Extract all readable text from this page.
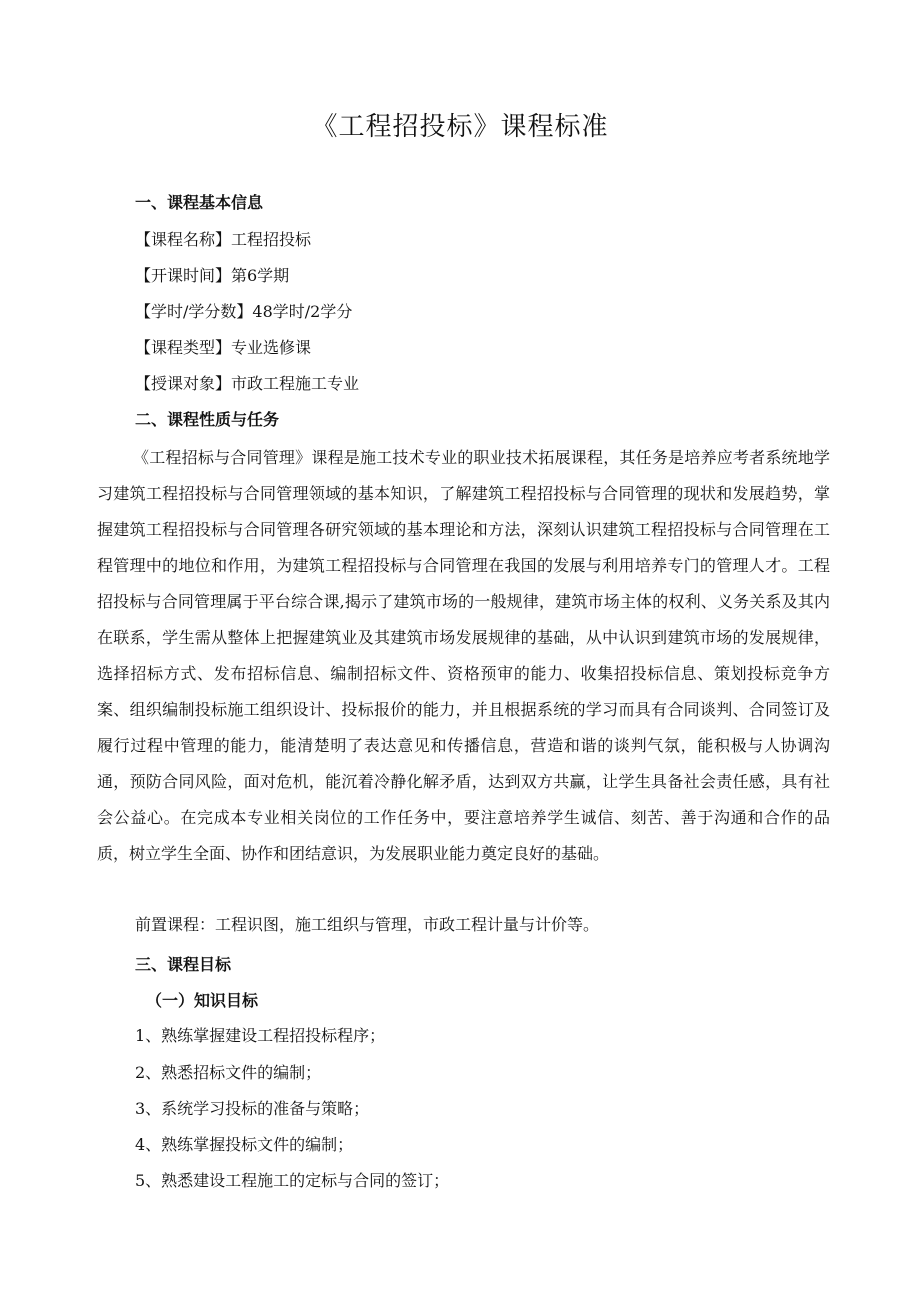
《工程招投标》课程标准
一、课程基本信息
【课程名称】工程招投标
【开课时间】第6学期
【学时/学分数】48学时/2学分
【课程类型】专业选修课
【授课对象】市政工程施工专业
二、课程性质与任务
《工程招标与合同管理》课程是施工技术专业的职业技术拓展课程，其任务是培养应考者系统地学习建筑工程招投标与合同管理领域的基本知识，了解建筑工程招投标与合同管理的现状和发展趋势，掌握建筑工程招投标与合同管理各研究领域的基本理论和方法，深刻认识建筑工程招投标与合同管理在工程管理中的地位和作用，为建筑工程招投标与合同管理在我国的发展与利用培养专门的管理人才。工程招投标与合同管理属于平台综合课,揭示了建筑市场的一般规律，建筑市场主体的权利、义务关系及其内在联系，学生需从整体上把握建筑业及其建筑市场发展规律的基础，从中认识到建筑市场的发展规律，选择招标方式、发布招标信息、编制招标文件、资格预审的能力、收集招投标信息、策划投标竞争方案、组织编制投标施工组织设计、投标报价的能力，并且根据系统的学习而具有合同谈判、合同签订及履行过程中管理的能力，能清楚明了表达意见和传播信息，营造和谐的谈判气氛，能积极与人协调沟通，预防合同风险，面对危机，能沉着冷静化解矛盾，达到双方共赢，让学生具备社会责任感，具有社会公益心。在完成本专业相关岗位的工作任务中，要注意培养学生诚信、刻苦、善于沟通和合作的品质，树立学生全面、协作和团结意识，为发展职业能力奠定良好的基础。
前置课程：工程识图，施工组织与管理，市政工程计量与计价等。
三、课程目标
（一）知识目标
1、熟练掌握建设工程招投标程序；
2、熟悉招标文件的编制；
3、系统学习投标的准备与策略；
4、熟练掌握投标文件的编制；
5、熟悉建设工程施工的定标与合同的签订；
